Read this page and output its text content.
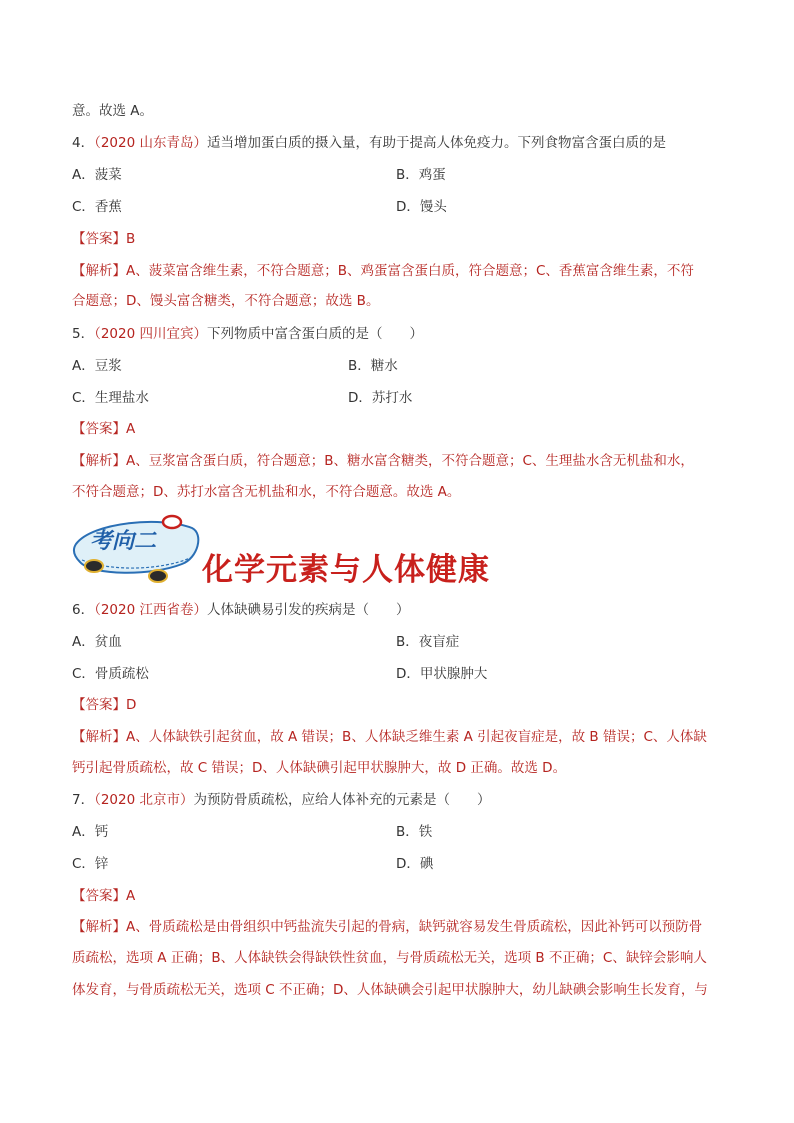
意。故选 A。
4．（2020 山东青岛）适当增加蛋白质的摄入量，有助于提高人体免疫力。下列食物富含蛋白质的是
A．菠菜	B．鸡蛋
C．香蕉	D．馒头
【答案】B
【解析】A、菠菜富含维生素，不符合题意；B、鸡蛋富含蛋白质，符合题意；C、香蕉富含维生素，不符
合题意；D、馒头富含糖类，不符合题意；故选 B。
5．（2020 四川宜宾）下列物质中富含蛋白质的是（　　）
A．豆浆	B．糖水
C．生理盐水	D．苏打水
【答案】A
【解析】A、豆浆富含蛋白质，符合题意；B、糖水富含糖类，不符合题意；C、生理盐水含无机盐和水，
不符合题意；D、苏打水富含无机盐和水，不符合题意。故选 A。
考向二
化学元素与人体健康
6．（2020 江西省卷）人体缺碘易引发的疾病是（　　）
A．贫血	B．夜盲症
C．骨质疏松	D．甲状腺肿大
【答案】D
【解析】A、人体缺铁引起贫血，故 A 错误；B、人体缺乏维生素 A 引起夜盲症是，故 B 错误；C、人体缺
钙引起骨质疏松，故 C 错误；D、人体缺碘引起甲状腺肿大，故 D 正确。故选 D。
7．（2020 北京市）为预防骨质疏松，应给人体补充的元素是（　　）
A．钙	B．铁
C．锌	D．碘
【答案】A
【解析】A、骨质疏松是由骨组织中钙盐流失引起的骨病，缺钙就容易发生骨质疏松，因此补钙可以预防骨
质疏松，选项 A 正确；B、人体缺铁会得缺铁性贫血，与骨质疏松无关，选项 B 不正确；C、缺锌会影响人
体发育，与骨质疏松无关，选项 C 不正确；D、人体缺碘会引起甲状腺肿大，幼儿缺碘会影响生长发育，与
